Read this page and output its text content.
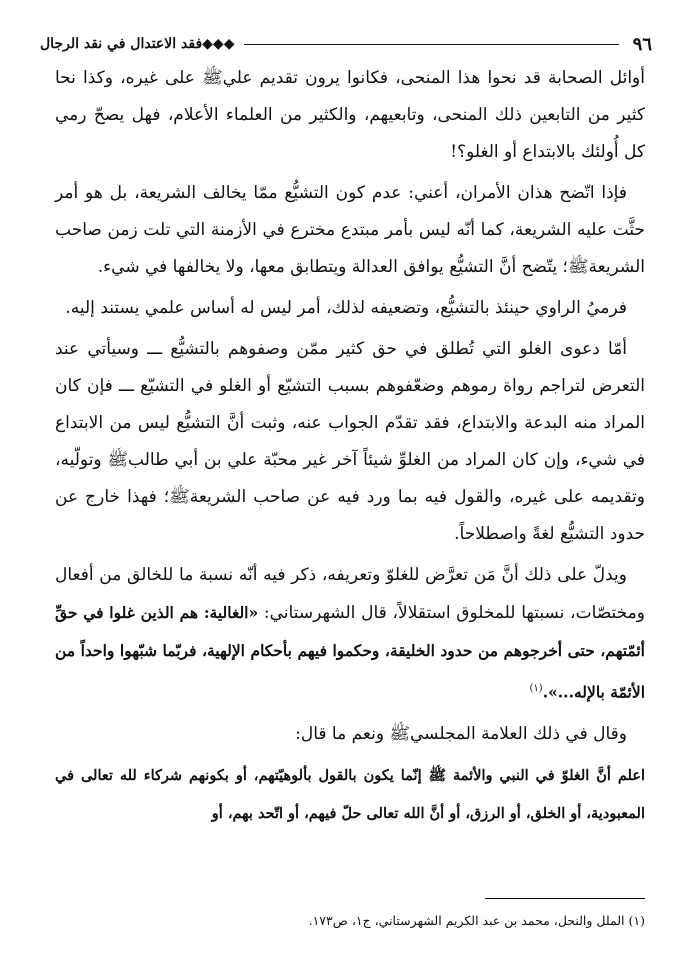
٩٦
◆◆◆فقد الاعتدال في نقد الرجال

أوائل الصحابة قد نحوا هذا المنحى، فكانوا يرون تقديم عليﷺ على غيره، وكذا نحا كثير من التابعين ذلك المنحى، وتابعيهم، والكثير من العلماء الأعلام، فهل يصحّ رمي كل أُولئك بالابتداع أو الغلو؟!

فإذا اتّضح هذان الأمران، أعني: عدم كون التشيُّع ممّا يخالف الشريعة، بل هو أمر حثَّت عليه الشريعة، كما أنّه ليس بأمر مبتدع مخترع في الأزمنة التي تلت زمن صاحب الشريعةﷺ؛ يتّضح أنَّ التشيُّع يوافق العدالة ويتطابق معها، ولا يخالفها في شيء.

فرميُ الراوي حينئذ بالتشيُّع، وتضعيفه لذلك، أمر ليس له أساس علمي يستند إليه.

أمّا دعوى الغلو التي تُطلق في حق كثير ممّن وصفوهم بالتشيُّع ـــ وسيأتي عند التعرض لتراجم رواة رموهم وضعّفوهم بسبب التشيّع أو الغلو في التشيّع ـــ فإن كان المراد منه البدعة والابتداع، فقد تقدّم الجواب عنه، وثبت أنَّ التشيُّع ليس من الابتداع في شيء، وإن كان المراد من الغلوِّ شيئاً آخر غير محبّة علي بن أبي طالبﷺ وتولّيه، وتقديمه على غيره، والقول فيه بما ورد فيه عن صاحب الشريعةﷺ؛ فهذا خارج عن حدود التشيُّع لغةً واصطلاحاً.

ويدلّ على ذلك أنَّ مَن تعرَّض للغلوّ وتعريفه، ذكر فيه أنّه نسبة ما للخالق من أفعال ومختصّات، نسبتها للمخلوق استقلالاً، قال الشهرستاني: «الغالية: هم الذين غلوا في حقِّ أئمّتهم، حتى أخرجوهم من حدود الخليقة، وحكموا فيهم بأحكام الإلهية، فربّما شبّهوا واحداً من الأئمّة بالإله...».$^{(١)}$

وقال في ذلك العلامة المجلسيﷺ ونعم ما قال:

اعلم أنَّ الغلوّ في النبي والأئمة ﷺ إنّما يكون بالقول بألوهيّتهم، أو بكونهم شركاء لله تعالى في المعبودية، أو الخلق، أو الرزق، أو أنَّ الله تعالى حلّ فيهم، أو اتّحد بهم، أو

(١) الملل والنحل، محمد بن عبد الكريم الشهرستاني، ج١، ص١٧٣.
